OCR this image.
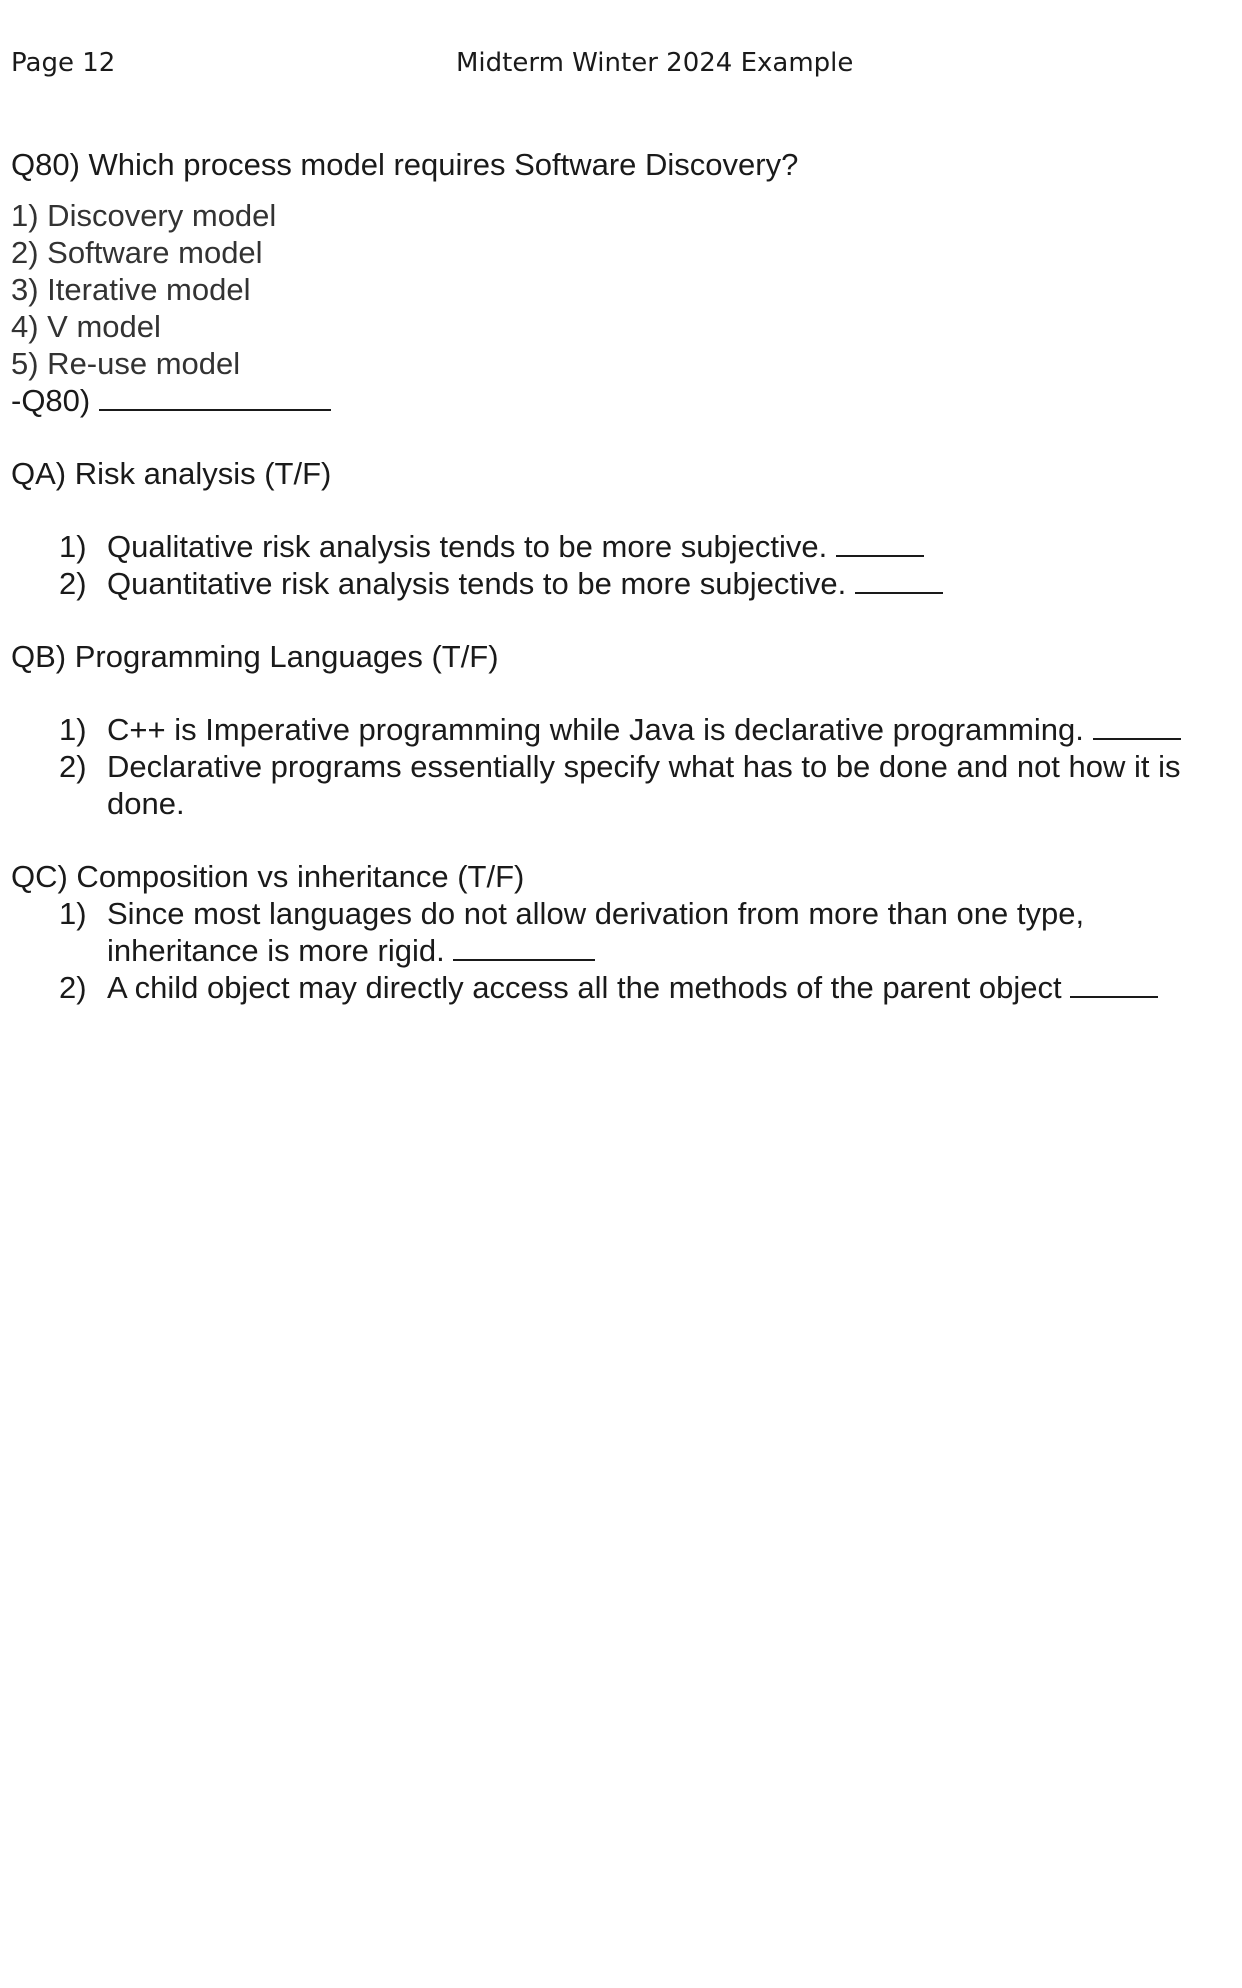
Page 12	Midterm Winter 2024 Example
Q80) Which process model requires Software Discovery?
1) Discovery model
2) Software model
3) Iterative model
4) V model
5) Re-use model
-Q80)
QA) Risk analysis (T/F)
1) Qualitative risk analysis tends to be more subjective.
2) Quantitative risk analysis tends to be more subjective.
QB) Programming Languages (T/F)
1) C++ is Imperative programming while Java is declarative programming.
2) Declarative programs essentially specify what has to be done and not how it is done.
QC) Composition vs inheritance (T/F)
1) Since most languages do not allow derivation from more than one type, inheritance is more rigid.
2) A child object may directly access all the methods of the parent object
